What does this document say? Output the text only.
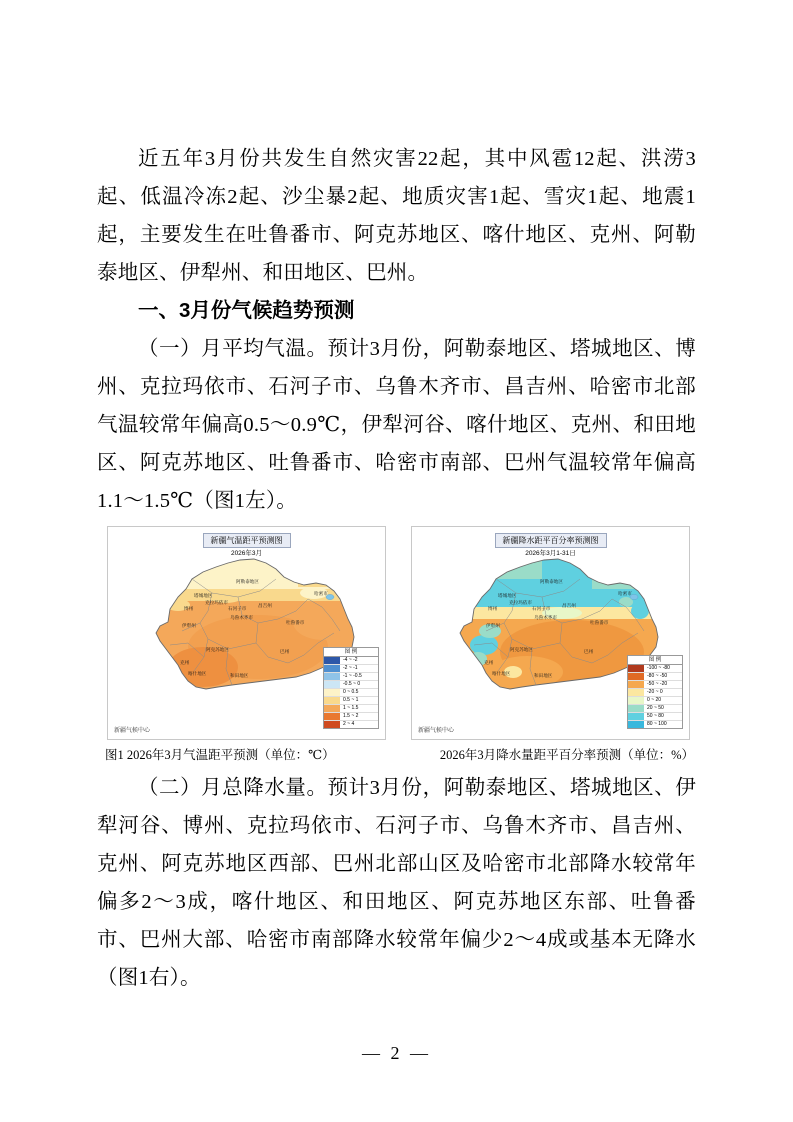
近五年3月份共发生自然灾害22起，其中风雹12起、洪涝3起、低温冷冻2起、沙尘暴2起、地质灾害1起、雪灾1起、地震1起，主要发生在吐鲁番市、阿克苏地区、喀什地区、克州、阿勒泰地区、伊犁州、和田地区、巴州。

一、3月份气候趋势预测

（一）月平均气温。预计3月份，阿勒泰地区、塔城地区、博州、克拉玛依市、石河子市、乌鲁木齐市、昌吉州、哈密市北部气温较常年偏高0.5～0.9℃，伊犁河谷、喀什地区、克州、和田地区、阿克苏地区、吐鲁番市、哈密市南部、巴州气温较常年偏高1.1～1.5℃（图1左）。

新疆气温距平预测图
2026年3月
阿勒泰地区
塔城地区	哈密市
博州
克拉玛依市
石河子市
昌吉州
乌鲁木齐市
伊犁州
吐鲁番市
阿克苏地区	巴州
克州
喀什地区	和田地区
新疆气候中心
图 例
-4 ~ -2
-2 ~ -1
-1 ~ -0.5
-0.5 ~ 0
0 ~ 0.5
0.5 ~ 1
1 ~ 1.5
1.5 ~ 2
2 ~ 4
新疆降水距平百分率预测图
2026年3月1-31日
阿勒泰地区
塔城地区	哈密市
博州
克拉玛依市
石河子市
昌吉州
乌鲁木齐市
伊犁州
吐鲁番市
阿克苏地区	巴州
克州
喀什地区	和田地区
新疆气候中心
图 例
-100 ~ -80
-80 ~ -50
-50 ~ -20
-20 ~ 0
0 ~ 20
20 ~ 50
50 ~ 80
80 ~ 100
图1 2026年3月气温距平预测（单位：℃）	2026年3月降水量距平百分率预测（单位：%）

（二）月总降水量。预计3月份，阿勒泰地区、塔城地区、伊犁河谷、博州、克拉玛依市、石河子市、乌鲁木齐市、昌吉州、克州、阿克苏地区西部、巴州北部山区及哈密市北部降水较常年偏多2～3成，喀什地区、和田地区、阿克苏地区东部、吐鲁番市、巴州大部、哈密市南部降水较常年偏少2～4成或基本无降水（图1右）。

— 2 —
